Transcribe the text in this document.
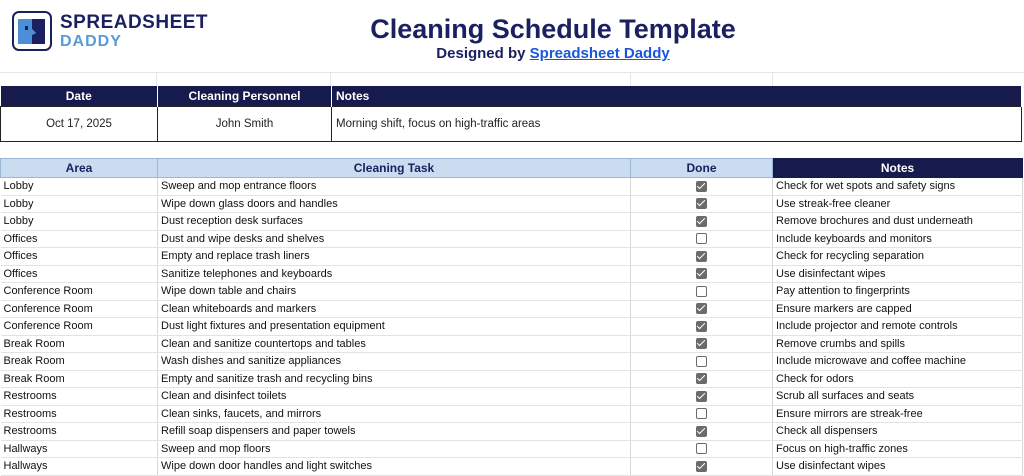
SPREADSHEET
DADDY	Cleaning Schedule Template
Designed by Spreadsheet Daddy
Date	Cleaning Personnel	Notes
Oct 17, 2025	John Smith	Morning shift, focus on high-traffic areas
Area	Cleaning Task	Done	Notes
Lobby	Sweep and mop entrance floors		Check for wet spots and safety signs
Lobby	Wipe down glass doors and handles		Use streak-free cleaner
Lobby	Dust reception desk surfaces		Remove brochures and dust underneath
Offices	Dust and wipe desks and shelves		Include keyboards and monitors
Offices	Empty and replace trash liners		Check for recycling separation
Offices	Sanitize telephones and keyboards		Use disinfectant wipes
Conference Room	Wipe down table and chairs		Pay attention to fingerprints
Conference Room	Clean whiteboards and markers		Ensure markers are capped
Conference Room	Dust light fixtures and presentation equipment		Include projector and remote controls
Break Room	Clean and sanitize countertops and tables		Remove crumbs and spills
Break Room	Wash dishes and sanitize appliances		Include microwave and coffee machine
Break Room	Empty and sanitize trash and recycling bins		Check for odors
Restrooms	Clean and disinfect toilets		Scrub all surfaces and seats
Restrooms	Clean sinks, faucets, and mirrors		Ensure mirrors are streak-free
Restrooms	Refill soap dispensers and paper towels		Check all dispensers
Hallways	Sweep and mop floors		Focus on high-traffic zones
Hallways	Wipe down door handles and light switches		Use disinfectant wipes
